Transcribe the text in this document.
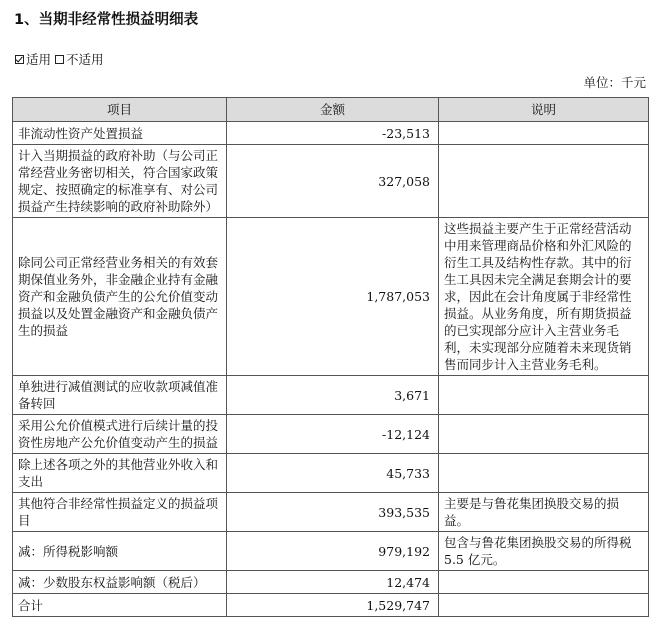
1、当期非经常性损益明细表
适用 不适用
单位：千元
项目	金额	说明
非流动性资产处置损益	-23,513	
计入当期损益的政府补助（与公司正常经营业务密切相关，符合国家政策规定、按照确定的标准享有、对公司损益产生持续影响的政府补助除外）	327,058	
除同公司正常经营业务相关的有效套期保值业务外，非金融企业持有金融资产和金融负债产生的公允价值变动损益以及处置金融资产和金融负债产生的损益	1,787,053	这些损益主要产生于正常经营活动中用来管理商品价格和外汇风险的衍生工具及结构性存款。其中的衍生工具因未完全满足套期会计的要求，因此在会计角度属于非经常性损益。从业务角度，所有期货损益的已实现部分应计入主营业务毛利，未实现部分应随着未来现货销售而同步计入主营业务毛利。
单独进行减值测试的应收款项减值准备转回	3,671	
采用公允价值模式进行后续计量的投资性房地产公允价值变动产生的损益	-12,124	
除上述各项之外的其他营业外收入和支出	45,733	
其他符合非经常性损益定义的损益项目	393,535	主要是与鲁花集团换股交易的损益。
减：所得税影响额	979,192	包含与鲁花集团换股交易的所得税 5.5 亿元。
减：少数股东权益影响额（税后）	12,474	
合计	1,529,747	
